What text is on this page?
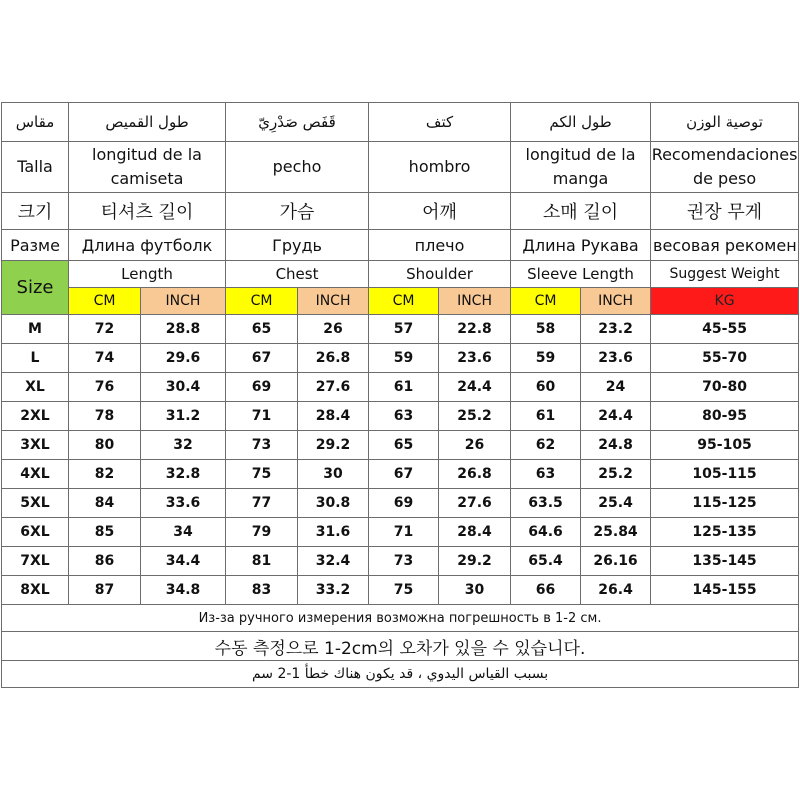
مقاس	طول القميص		قَفَص صَدْرِيّ		كتف		طول الكم		توصية الوزن
Talla	longitud de la camiseta		pecho		hombro		longitud de la manga		Recomendaciones de peso
크기	티셔츠 길이		가슴		어깨		소매 길이		권장 무게

Разме	Длина футболк		Грудь		плечо		Длина Рукава		весовая рекомен

Size	Length		Chest		Shoulder		Sleeve Length		Suggest Weight
	CM	INCH	CM	INCH	CM	INCH	CM	INCH	KG
M	72	28.8	65	26	57	22.8	58	23.2	45-55
L	74	29.6	67	26.8	59	23.6	59	23.6	55-70
XL	76	30.4	69	27.6	61	24.4	60	24	70-80
2XL	78	31.2	71	28.4	63	25.2	61	24.4	80-95
3XL	80	32	73	29.2	65	26	62	24.8	95-105
4XL	82	32.8	75	30	67	26.8	63	25.2	105-115
5XL	84	33.6	77	30.8	69	27.6	63.5	25.4	115-125
6XL	85	34	79	31.6	71	28.4	64.6	25.84	125-135
7XL	86	34.4	81	32.4	73	29.2	65.4	26.16	135-145
8XL	87	34.8	83	33.2	75	30	66	26.4	145-155
Из-за ручного измерения возможна погрешность в 1-2 см.									
수동 측정으로 1-2cm의 오차가 있을 수 있습니다.									
بسبب القياس اليدوي ، قد يكون هناك خطأ 1-2 سم									
